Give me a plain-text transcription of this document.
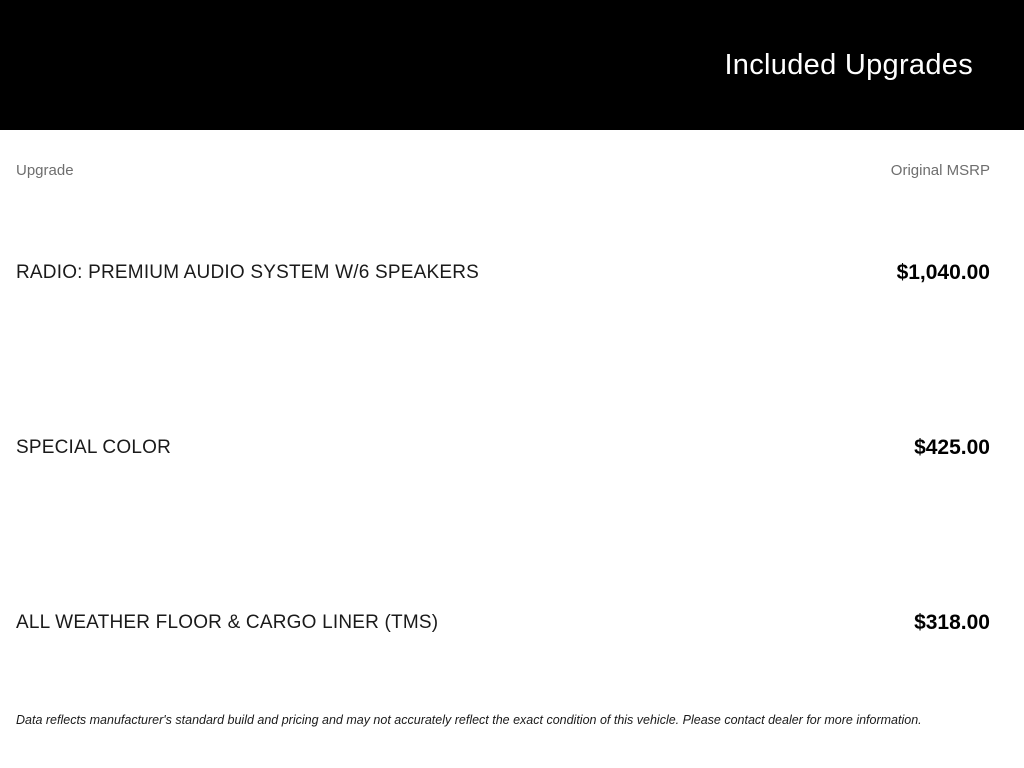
Included Upgrades
Upgrade	Original MSRP
RADIO: PREMIUM AUDIO SYSTEM W/6 SPEAKERS	$1,040.00
SPECIAL COLOR	$425.00
ALL WEATHER FLOOR & CARGO LINER (TMS)	$318.00
Data reflects manufacturer's standard build and pricing and may not accurately reflect the exact condition of this vehicle. Please contact dealer for more information.
